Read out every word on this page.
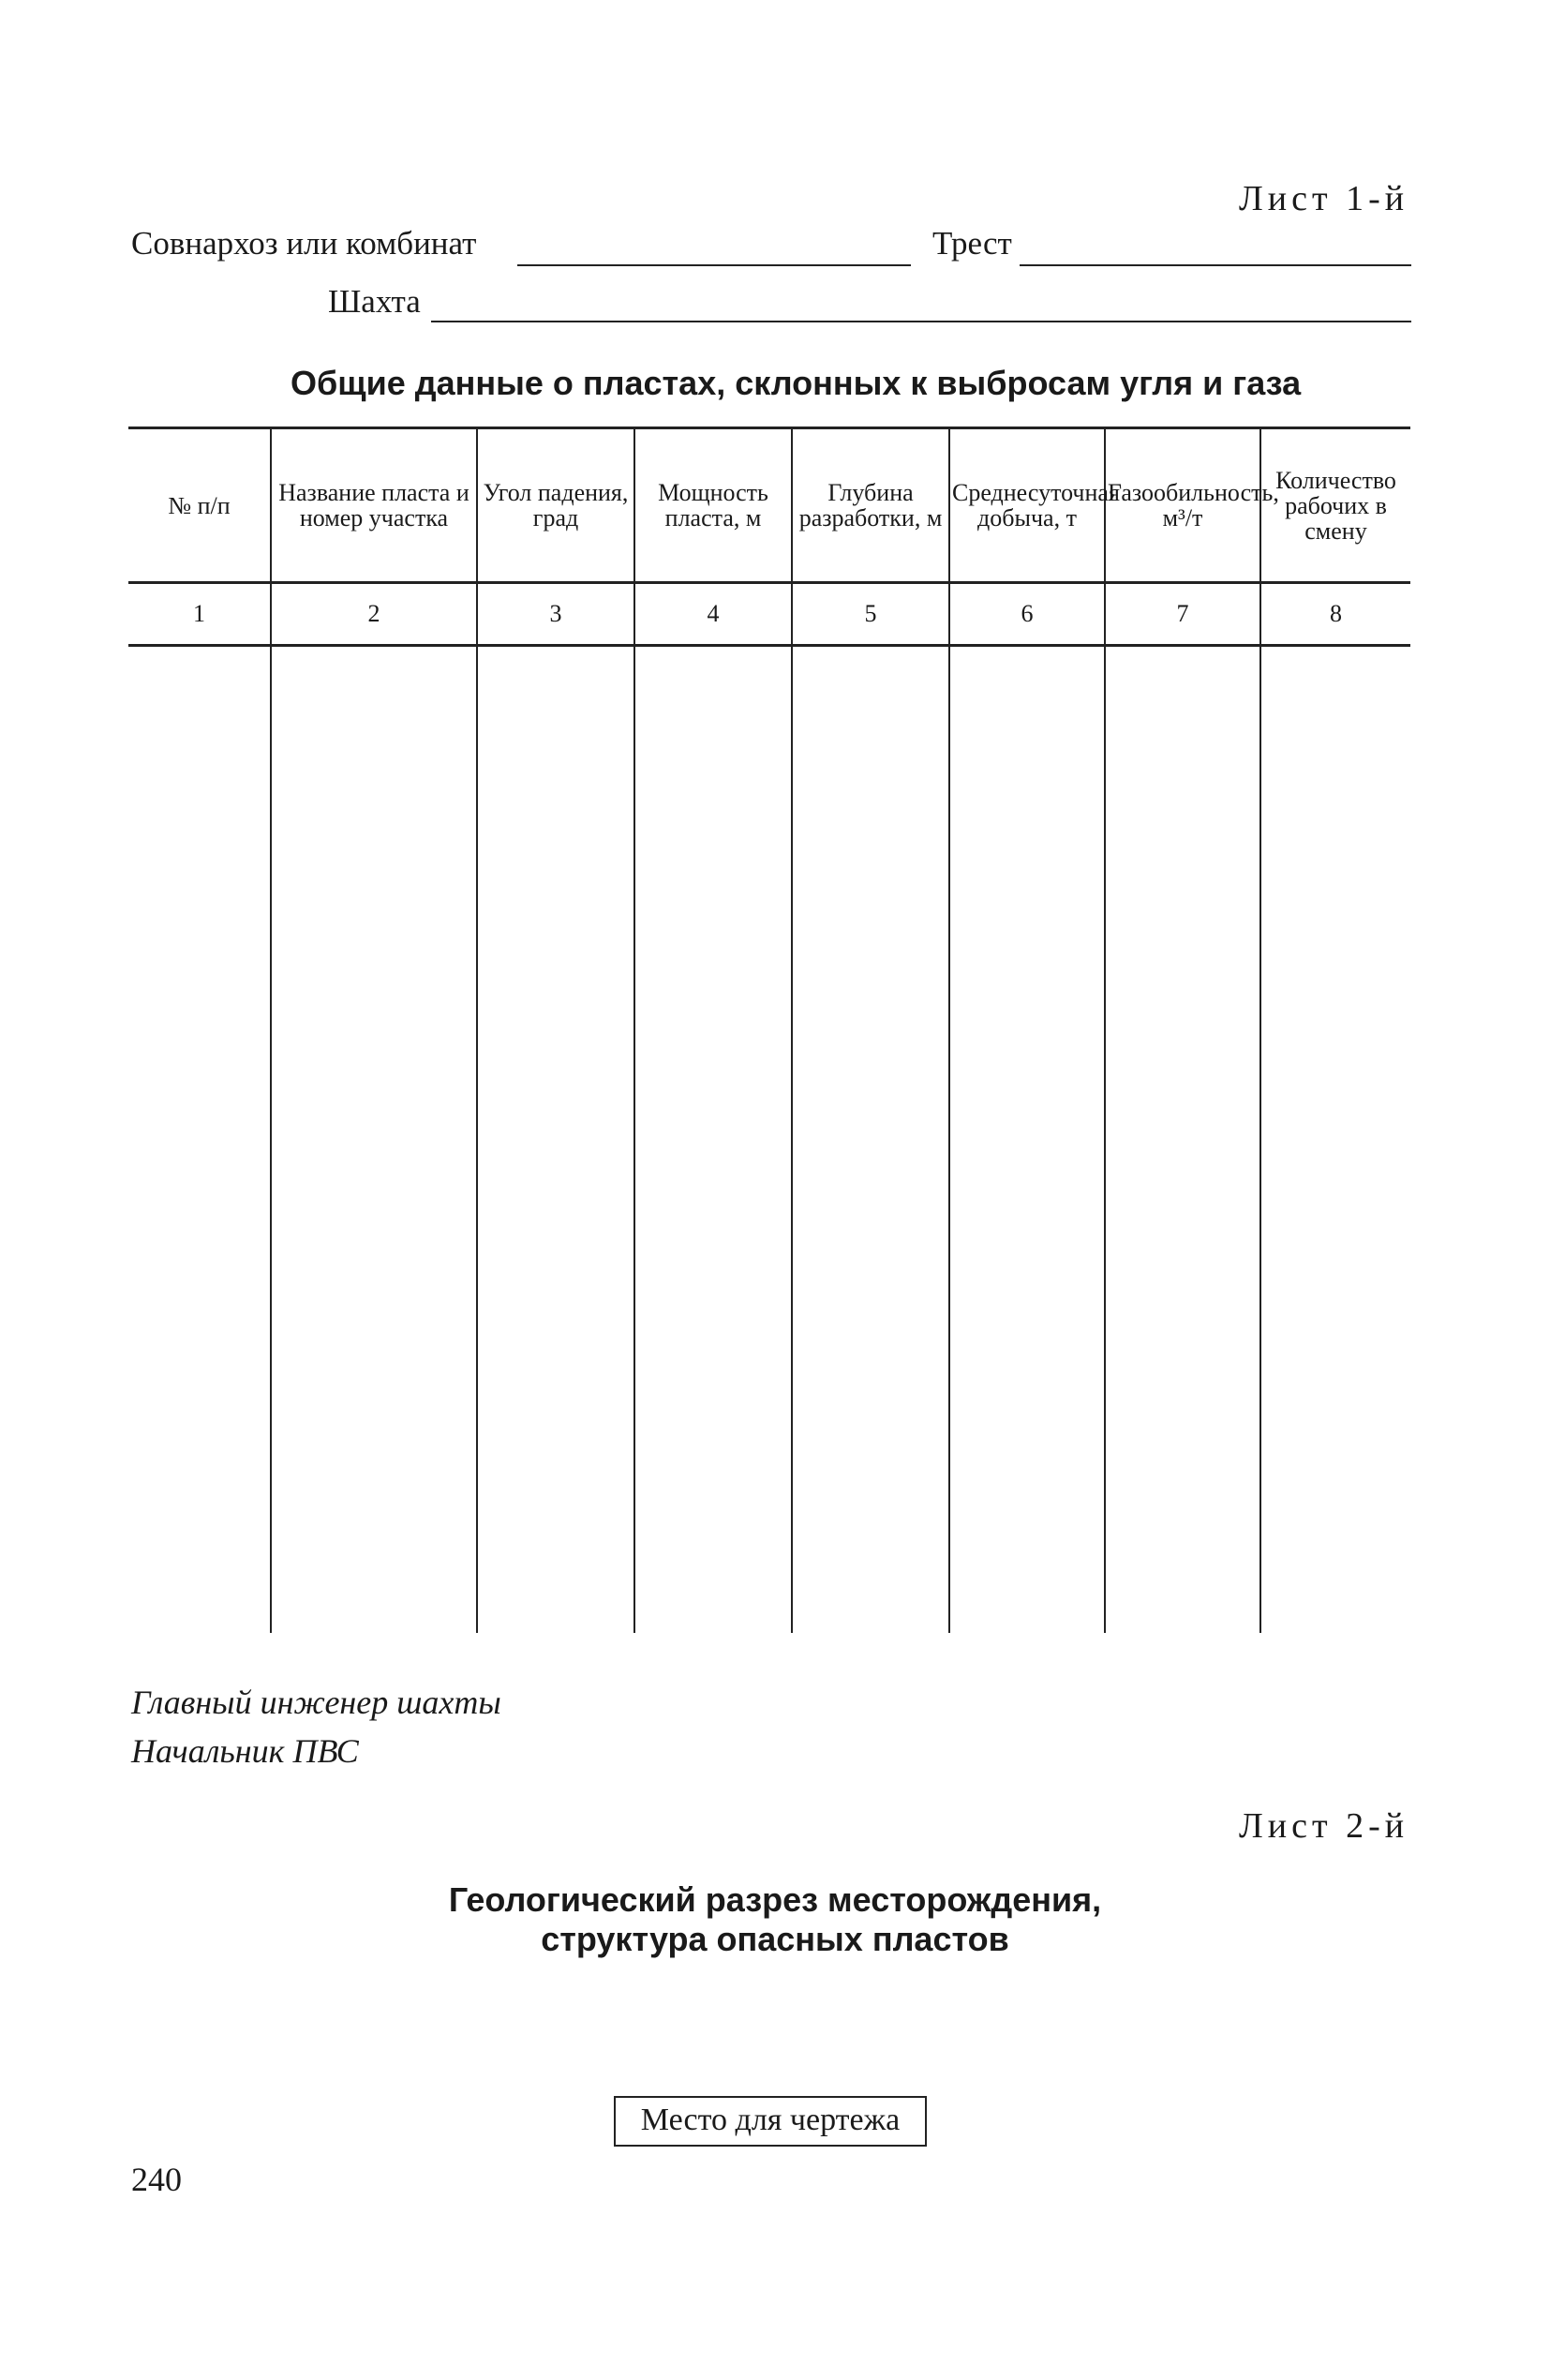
Лист 1-й
Совнархоз или комбинат	Трест
Шахта
Общие данные о пластах, склонных к выбросам угля и газа
№ п/п	Название пласта и номер участка	Угол падения, град	Мощность пласта, м	Глубина разработки, м	Среднесуточная добыча, т	Газообильность, м³/т	Количество рабочих в смену
1	2	3	4	5	6	7	8

Главный инженер шахты
Начальник ПВС
Лист 2-й
Геологический разрез месторождения,
структура опасных пластов
Место для чертежа
240
